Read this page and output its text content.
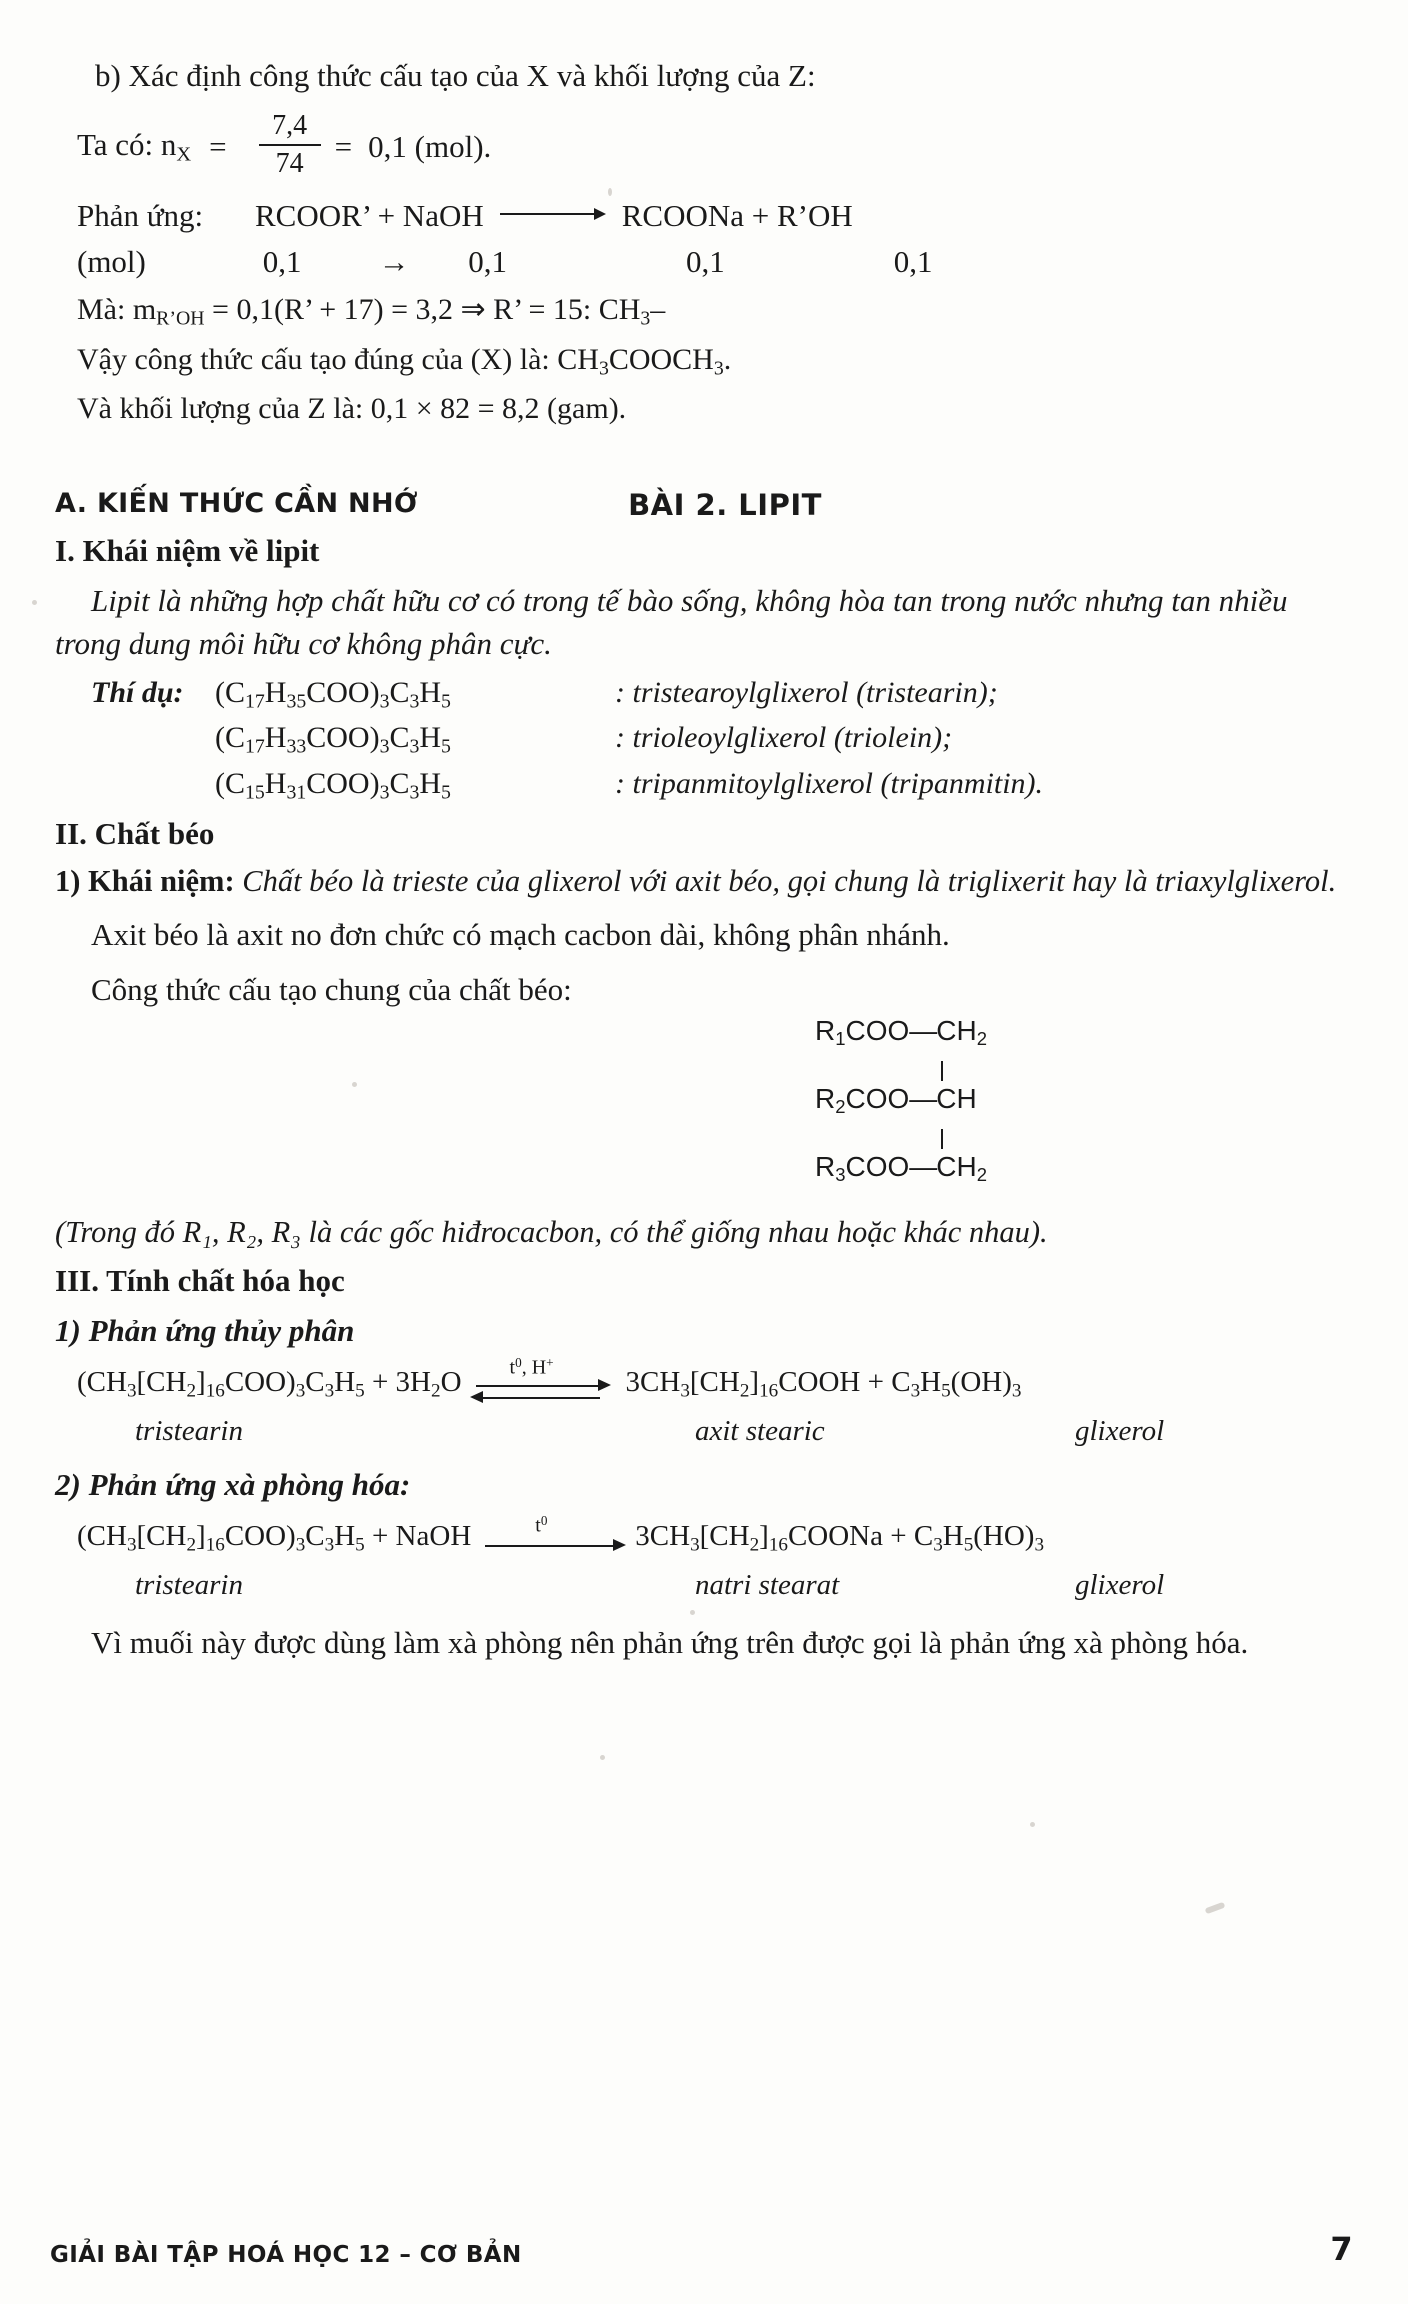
b) Xác định công thức cấu tạo của X và khối lượng của Z:
Ta có: $n_X = \frac{7,4}{74} = 0,1$ (mol).
Phản ứng:	RCOOR’ + NaOH	RCOONa + R’OH
(mol)	0,1 → 0,1	0,1	0,1
Mà: $m_{R’OH} = 0,1(R$’ + 17) = 3,2 ⇒ R’ = 15: $CH_3-$
Vậy công thức cấu tạo đúng của (X) là: $CH_3COOCH_3$.
Và khối lượng của Z là: 0,1 × 82 = 8,2 (gam).
BÀI 2. LIPIT
A. KIẾN THỨC CẦN NHỚ
I. Khái niệm về lipit
Lipit là những hợp chất hữu cơ có trong tế bào sống, không hòa tan trong nước nhưng tan nhiều trong dung môi hữu cơ không phân cực.
Thí dụ:	$(C_{17}H_{35}COO)_3C_3H_5$	: tristearoylglixerol (tristearin);
$(C_{17}H_{33}COO)_3C_3H_5$	: trioleoylglixerol (triolein);
$(C_{15}H_{31}COO)_3C_3H_5$	: tripanmitoylglixerol (tripanmitin).
II. Chất béo
1) Khái niệm: Chất béo là trieste của glixerol với axit béo, gọi chung là triglixerit hay là triaxylglixerol.
Axit béo là axit no đơn chức có mạch cacbon dài, không phân nhánh.
Công thức cấu tạo chung của chất béo:
$R_1COO—CH_2$
$R_2COO—CH$
$R_3COO—CH_2$
(Trong đó R₁, R₂, R₃ là các gốc hiđrocacbon, có thể giống nhau hoặc khác nhau).
III. Tính chất hóa học
1) Phản ứng thủy phân
$(CH_3[CH_2]_{16}COO)_3C_3H_5 + 3H_2O$ $t^0$, H+
$3CH_3[CH_2]_{16}COOH + C_3H_5(OH)_3$
tristearin	axit stearic	glixerol
2) Phản ứng xà phòng hóa:
$(CH_3[CH_2]_{16}COO)_3C_3H_5$ + NaOH	$t^0$	$3CH_3[CH_2]_{16}COONa + C_3H_5(HO)_3$
tristearin	natri stearat	glixerol
Vì muối này được dùng làm xà phòng nên phản ứng trên được gọi là phản ứng xà phòng hóa.
GIẢI BÀI TẬP HOÁ HỌC 12 – CƠ BẢN	7
